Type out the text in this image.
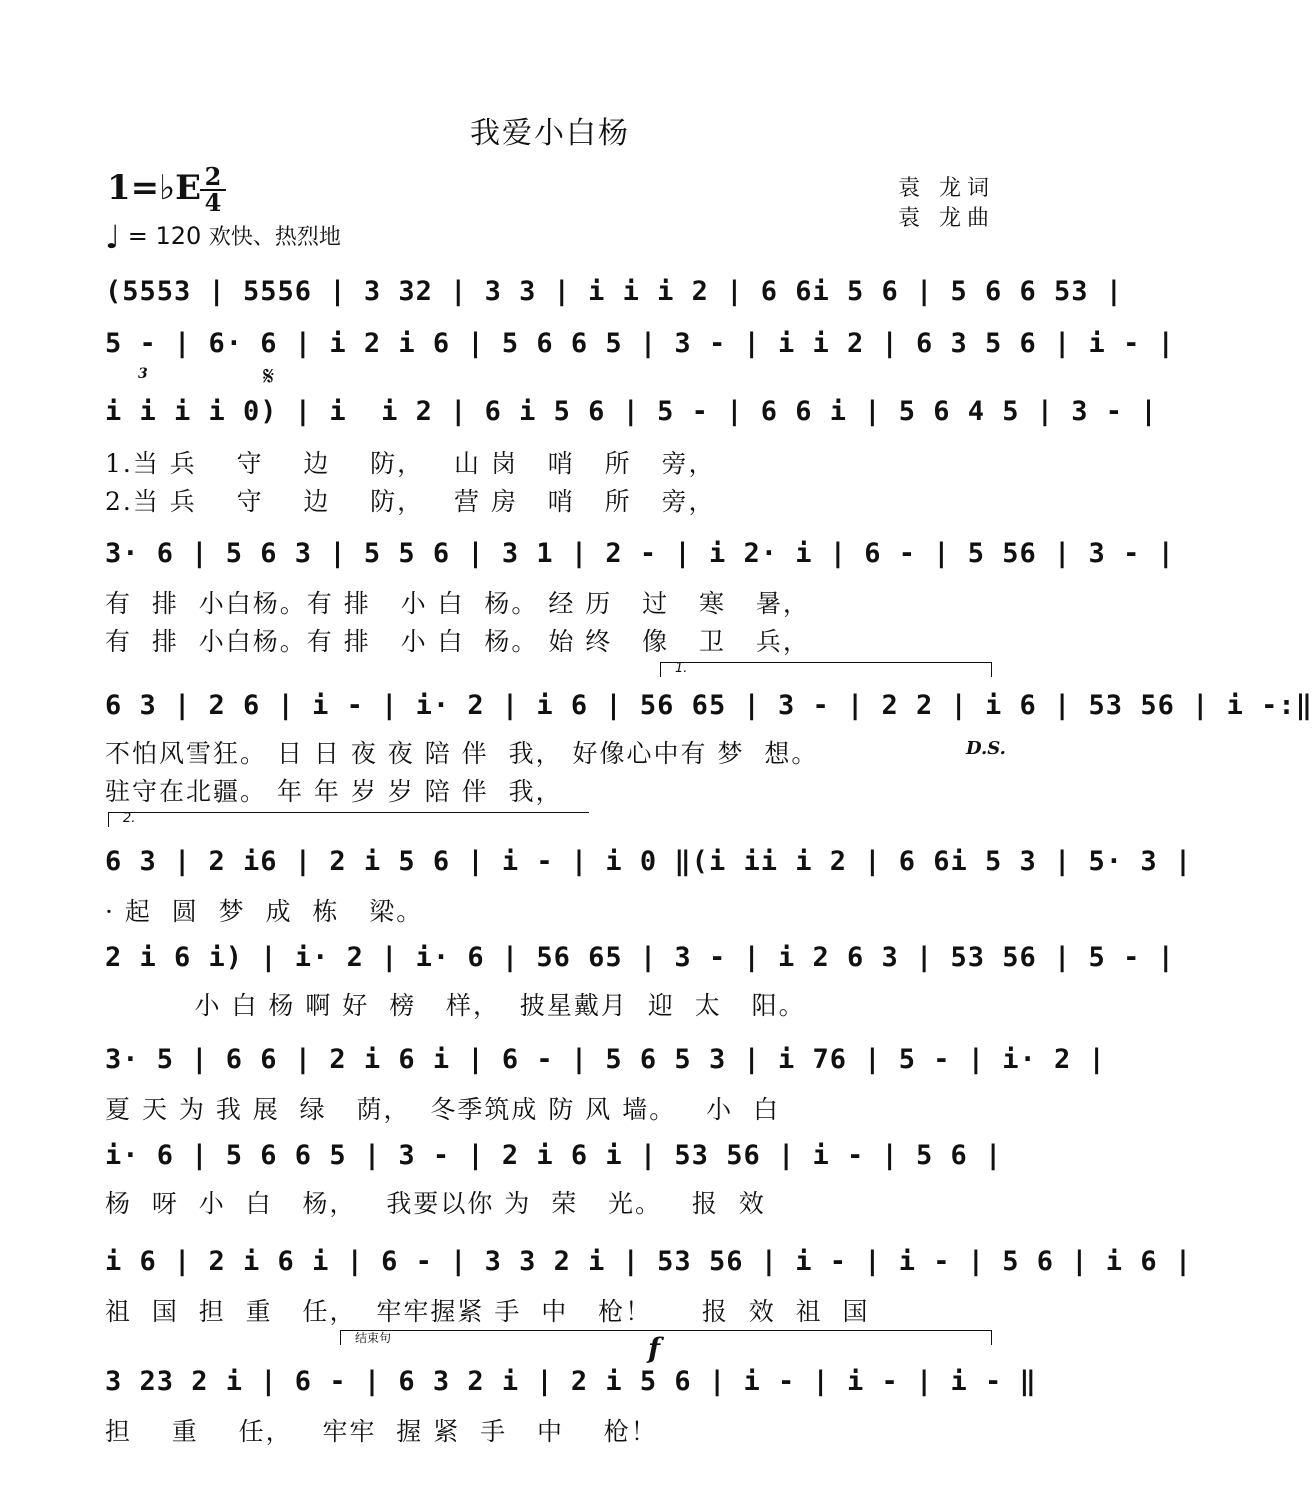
我爱小白杨
1=♭E 2
4
♩ = 120 欢快、热烈地
袁 龙词
袁 龙曲
(5553 | 5556 | 3 32 | 3 3 | i i i 2 | 6 6i 5 6 | 5 6 6 53 |
5 - | 6· 6 | i 2 i 6 | 5 6 6 5 | 3 - | i i 2 | 6 3 5 6 | i - |
𝄋
3
i i i i 0) | i  i 2 | 6 i 5 6 | 5 - | 6 6 i | 5 6 4 5 | 3 - |
1.当 兵    守    边    防，   山 岗   哨   所   旁，
2.当 兵    守    边    防，   营 房   哨   所   旁，
3· 6 | 5 6 3 | 5 5 6 | 3 1 | 2 - | i 2· i | 6 - | 5 56 | 3 - |
有  排  小白杨。有 排   小 白  杨。 经 历   过   寒   暑，
有  排  小白杨。有 排   小 白  杨。 始 终   像   卫   兵，
1.
6 3 | 2 6 | i - | i· 2 | i 6 | 56 65 | 3 - | 2 2 | i 6 | 53 56 | i -:‖
不怕风雪狂。 日 日 夜 夜 陪 伴  我， 好像心中有 梦  想。	D.S.
驻守在北疆。 年 年 岁 岁 陪 伴  我，
2.
6 3 | 2 i6 | 2 i 5 6 | i - | i 0 ‖(i ii i 2 | 6 6i 5 3 | 5· 3 |
· 起  圆  梦  成  栋   梁。
2 i 6 i) | i· 2 | i· 6 | 56 65 | 3 - | i 2 6 3 | 53 56 | 5 - |
小 白 杨 啊 好  榜   样，  披星戴月  迎  太   阳。
3· 5 | 6 6 | 2 i 6 i | 6 - | 5 6 5 3 | i 76 | 5 - | i· 2 |
夏 天 为 我 展  绿   荫，  冬季筑成 防 风 墙。   小  白
i· 6 | 5 6 6 5 | 3 - | 2 i 6 i | 53 56 | i - | 5 6 |
杨  呀  小  白   杨，   我要以你 为  荣   光。   报  效
i 6 | 2 i 6 i | 6 - | 3 3 2 i | 53 56 | i - | i - | 5 6 | i 6 |
祖  国  担  重   任，  牢牢握紧 手  中   枪！     报  效  祖  国
结束句	f
3 23 2 i | 6 - | 6 3 2 i | 2 i 5 6 | i - | i - | i - ‖
担    重    任，   牢牢  握 紧  手   中    枪！
